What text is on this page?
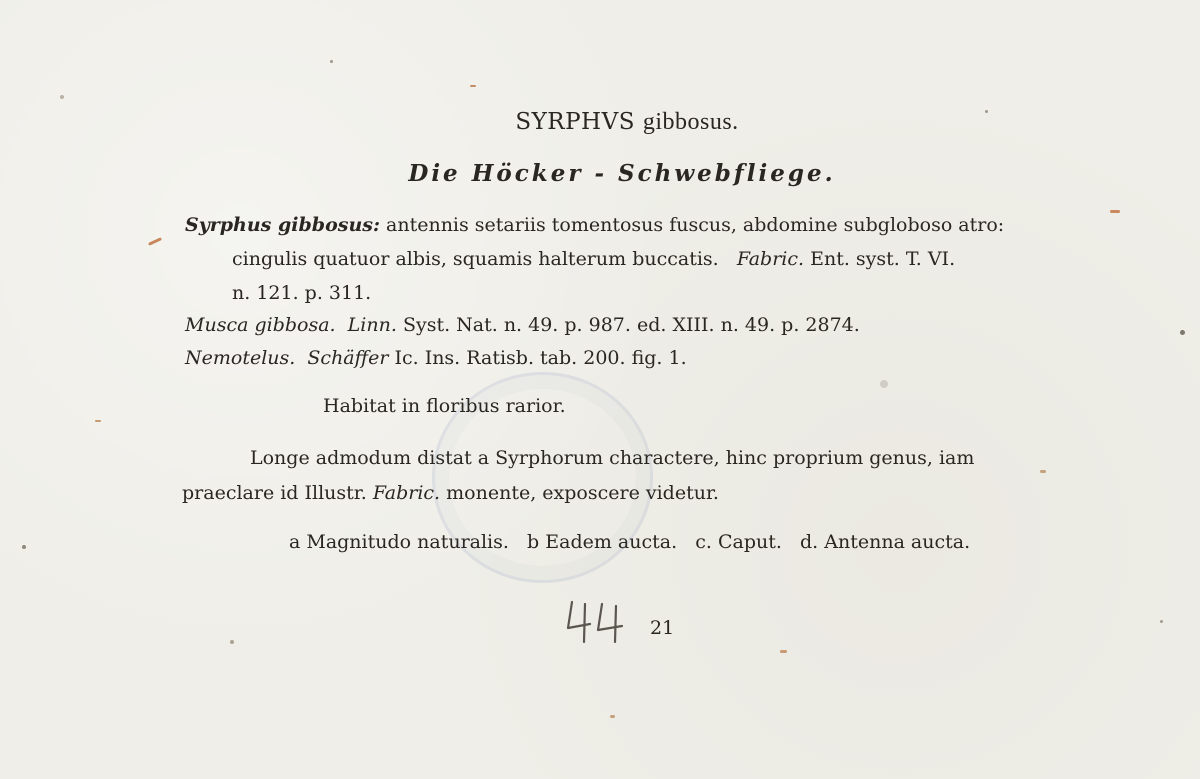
SYRPHVS gibbosus.
Die Höcker - Schwebfliege.
Syrphus gibbosus: antennis setariis tomentosus fuscus, abdomine subgloboso atro:
cingulis quatuor albis, squamis halterum buccatis. Fabric. Ent. syst. T. VI.
n. 121. p. 311.
Musca gibbosa. Linn. Syst. Nat. n. 49. p. 987. ed. XIII. n. 49. p. 2874.
Nemotelus. Schäffer Ic. Ins. Ratisb. tab. 200. fig. 1.
Habitat in floribus rarior.
Longe admodum distat a Syrphorum charactere, hinc proprium genus, iam
praeclare id Illustr. Fabric. monente, exposcere videtur.
a Magnitudo naturalis.   b Eadem aucta.   c. Caput.   d. Antenna aucta.
21
